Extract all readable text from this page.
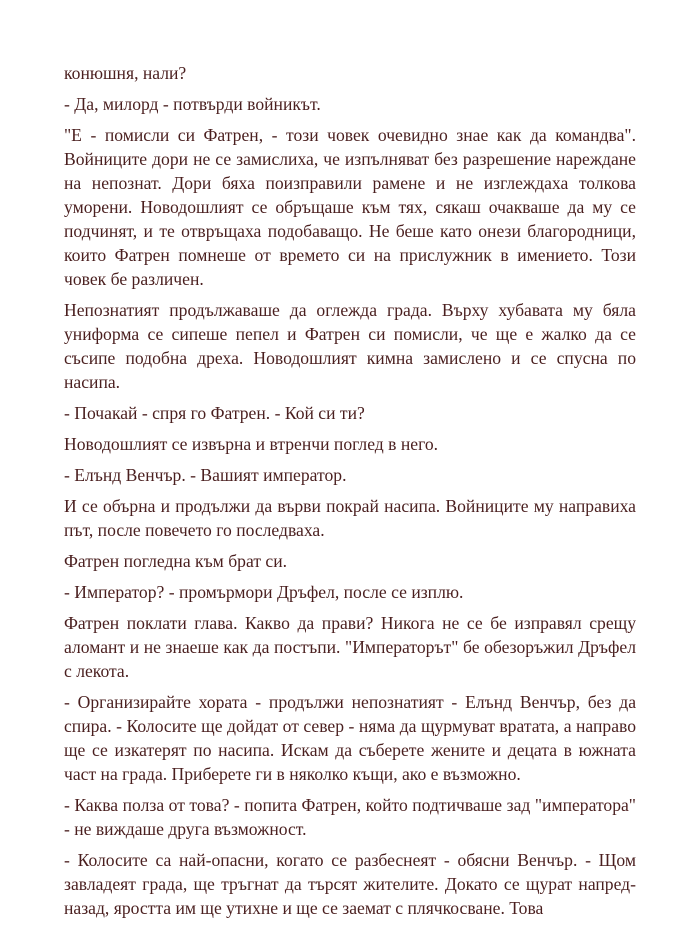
конюшня, нали?

- Да, милорд - потвърди войникът.

"Е - помисли си Фатрен, - този човек очевидно знае как да командва". Войниците дори не се замислиха, че изпълняват без разрешение нареждане на непознат. Дори бяха поизправили рамене и не изглеждаха толкова уморени. Новодошлият се обръщаше към тях, сякаш очакваше да му се подчинят, и те отвръщаха подобаващо. Не беше като онези благородници, които Фатрен помнеше от времето си на прислужник в имението. Този човек бе различен.

Непознатият продължаваше да оглежда града. Върху хубавата му бяла униформа се сипеше пепел и Фатрен си помисли, че ще е жалко да се съсипе подобна дреха. Новодошлият кимна замислено и се спусна по насипа.

- Почакай - спря го Фатрен. - Кой си ти?

Новодошлият се извърна и втренчи поглед в него.

- Елънд Венчър. - Вашият император.

И се обърна и продължи да върви покрай насипа. Войниците му направиха път, после повечето го последваха.

Фатрен погледна към брат си.

- Император? - промърмори Дръфел, после се изплю.

Фатрен поклати глава. Какво да прави? Никога не се бе изправял срещу аломант и не знаеше как да постъпи. "Императорът" бе обезоръжил Дръфел с лекота.

- Организирайте хората - продължи непознатият - Елънд Венчър, без да спира. - Колосите ще дойдат от север - няма да щурмуват вратата, а направо ще се изкатерят по насипа. Искам да съберете жените и децата в южната част на града. Приберете ги в няколко къщи, ако е възможно.

- Каква полза от това? - попита Фатрен, който подтичваше зад "императора" - не виждаше друга възможност.

- Колосите са най-опасни, когато се разбеснеят - обясни Венчър. - Щом завладеят града, ще тръгнат да търсят жителите. Докато се щурат напред-назад, яростта им ще утихне и ще се заемат с плячкосване. Това
